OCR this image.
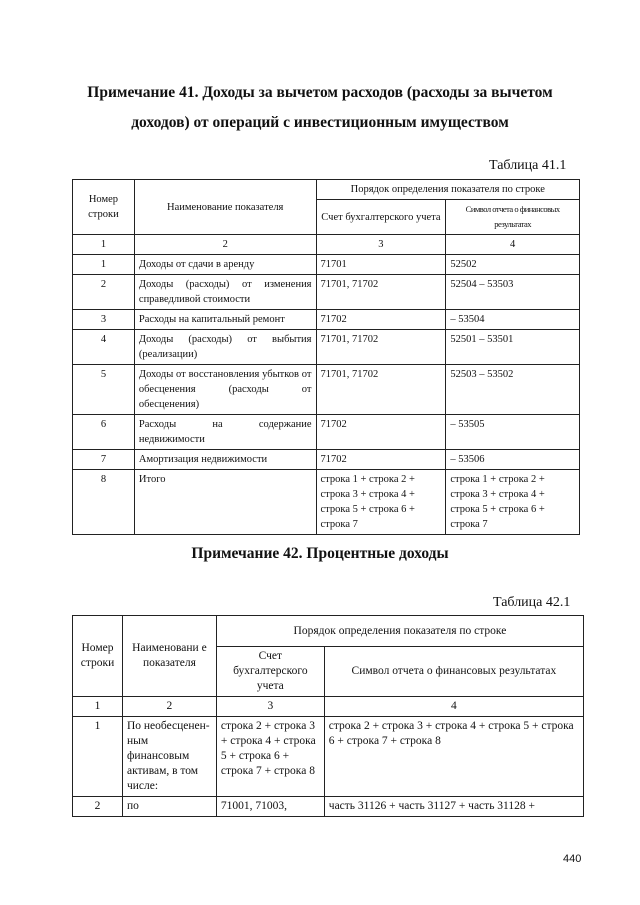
Примечание 41. Доходы за вычетом расходов (расходы за вычетом
доходов) от операций с инвестиционным имуществом
Таблица 41.1
Номер строки	Наименование показателя	Порядок определения показателя по строке	
		Счет бухгалтерского учета	Символ отчета о финансовых результатах
1	2	3	4
1	Доходы от сдачи в аренду	71701	52502
2	Доходы (расходы) от изменения справедливой стоимости	71701, 71702	52504 – 53503
3	Расходы на капитальный ремонт	71702	– 53504
4	Доходы (расходы) от выбытия (реализации)	71701, 71702	52501 – 53501
5	Доходы от восстановления убытков от обесценения (расходы от обесценения)	71701, 71702	52503 – 53502
6	Расходы на содержание недвижимости	71702	– 53505
7	Амортизация недвижимости	71702	– 53506
8	Итого	строка 1 + строка 2 + строка 3 + строка 4 + строка 5 + строка 6 + строка 7	строка 1 + строка 2 + строка 3 + строка 4 + строка 5 + строка 6 + строка 7
Примечание 42. Процентные доходы
Таблица 42.1
Номер строки	Наименовани е показателя	Порядок определения показателя по строке	
		Счет бухгалтерского учета	Символ отчета о финансовых результатах
1	2	3	4
1	По необесценен-ным финансовым активам, в том числе:	строка 2 + строка 3 + строка 4 + строка 5 + строка 6 + строка 7 + строка 8	строка 2 + строка 3 + строка 4 + строка 5 + строка 6 + строка 7 + строка 8
2	по	71001, 71003,	часть 31126 + часть 31127 + часть 31128 +
440
